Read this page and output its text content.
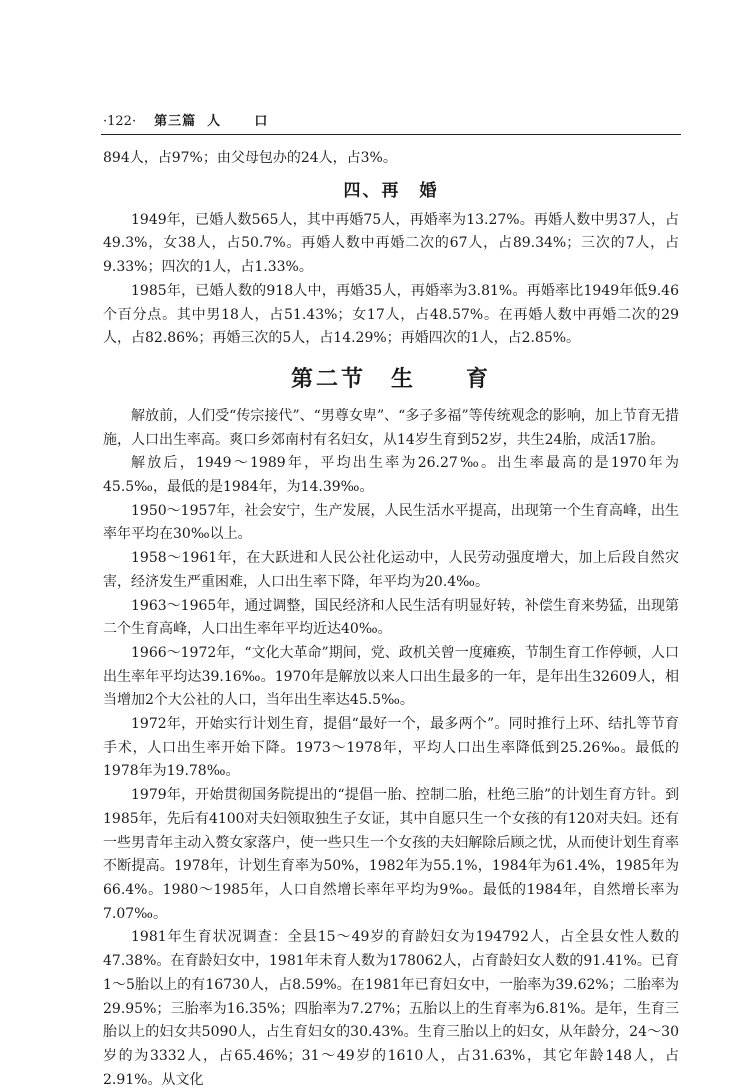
·122· 第三篇 人	口

894人，占97%；由父母包办的24人，占3%。

四、再　婚

1949年，已婚人数565人，其中再婚75人，再婚率为13.27%。再婚人数中男37人，占49.3%，女38人，占50.7%。再婚人数中再婚二次的67人，占89.34%；三次的7人，占9.33%；四次的1人，占1.33%。

1985年，已婚人数的918人中，再婚35人，再婚率为3.81%。再婚率比1949年低9.46个百分点。其中男18人，占51.43%；女17人，占48.57%。在再婚人数中再婚二次的29人，占82.86%；再婚三次的5人，占14.29%；再婚四次的1人，占2.85%。

第二节　生　　育

解放前，人们受“传宗接代”、“男尊女卑”、“多子多福”等传统观念的影响，加上节育无措施，人口出生率高。爽口乡郊南村有名妇女，从14岁生育到52岁，共生24胎，成活17胎。

解放后，1949～1989年，平均出生率为26.27‰。出生率最高的是1970年为45.5‰，最低的是1984年，为14.39‰。

1950～1957年，社会安宁，生产发展，人民生活水平提高，出现第一个生育高峰，出生率年平均在30‰以上。

1958～1961年，在大跃进和人民公社化运动中，人民劳动强度增大，加上后段自然灾害，经济发生严重困难，人口出生率下降，年平均为20.4‰。

1963～1965年，通过调整，国民经济和人民生活有明显好转，补偿生育来势猛，出现第二个生育高峰，人口出生率年平均近达40‰。

1966～1972年，“文化大革命”期间，党、政机关曾一度瘫痪，节制生育工作停顿，人口出生率年平均达39.16‰。1970年是解放以来人口出生最多的一年，是年出生32609人，相当增加2个大公社的人口，当年出生率达45.5‰。

1972年，开始实行计划生育，提倡“最好一个，最多两个”。同时推行上环、结扎等节育手术，人口出生率开始下降。1973～1978年，平均人口出生率降低到25.26‰。最低的1978年为19.78‰。

1979年，开始贯彻国务院提出的“提倡一胎、控制二胎，杜绝三胎”的计划生育方针。到1985年，先后有4100对夫妇领取独生子女证，其中自愿只生一个女孩的有120对夫妇。还有一些男青年主动入赘女家落户，使一些只生一个女孩的夫妇解除后顾之忧，从而使计划生育率不断提高。1978年，计划生育率为50%，1982年为55.1%，1984年为61.4%，1985年为66.4%。1980～1985年，人口自然增长率年平均为9‰。最低的1984年，自然增长率为7.07‰。

1981年生育状况调查：全县15～49岁的育龄妇女为194792人，占全县女性人数的47.38%。在育龄妇女中，1981年未育人数为178062人，占育龄妇女人数的91.41%。已育1～5胎以上的有16730人，占8.59%。在1981年已育妇女中，一胎率为39.62%；二胎率为29.95%；三胎率为16.35%；四胎率为7.27%；五胎以上的生育率为6.81%。是年，生育三胎以上的妇女共5090人，占生育妇女的30.43%。生育三胎以上的妇女，从年龄分，24～30岁的为3332人，占65.46%；31～49岁的1610人，占31.63%，其它年龄148人，占2.91%。从文化
